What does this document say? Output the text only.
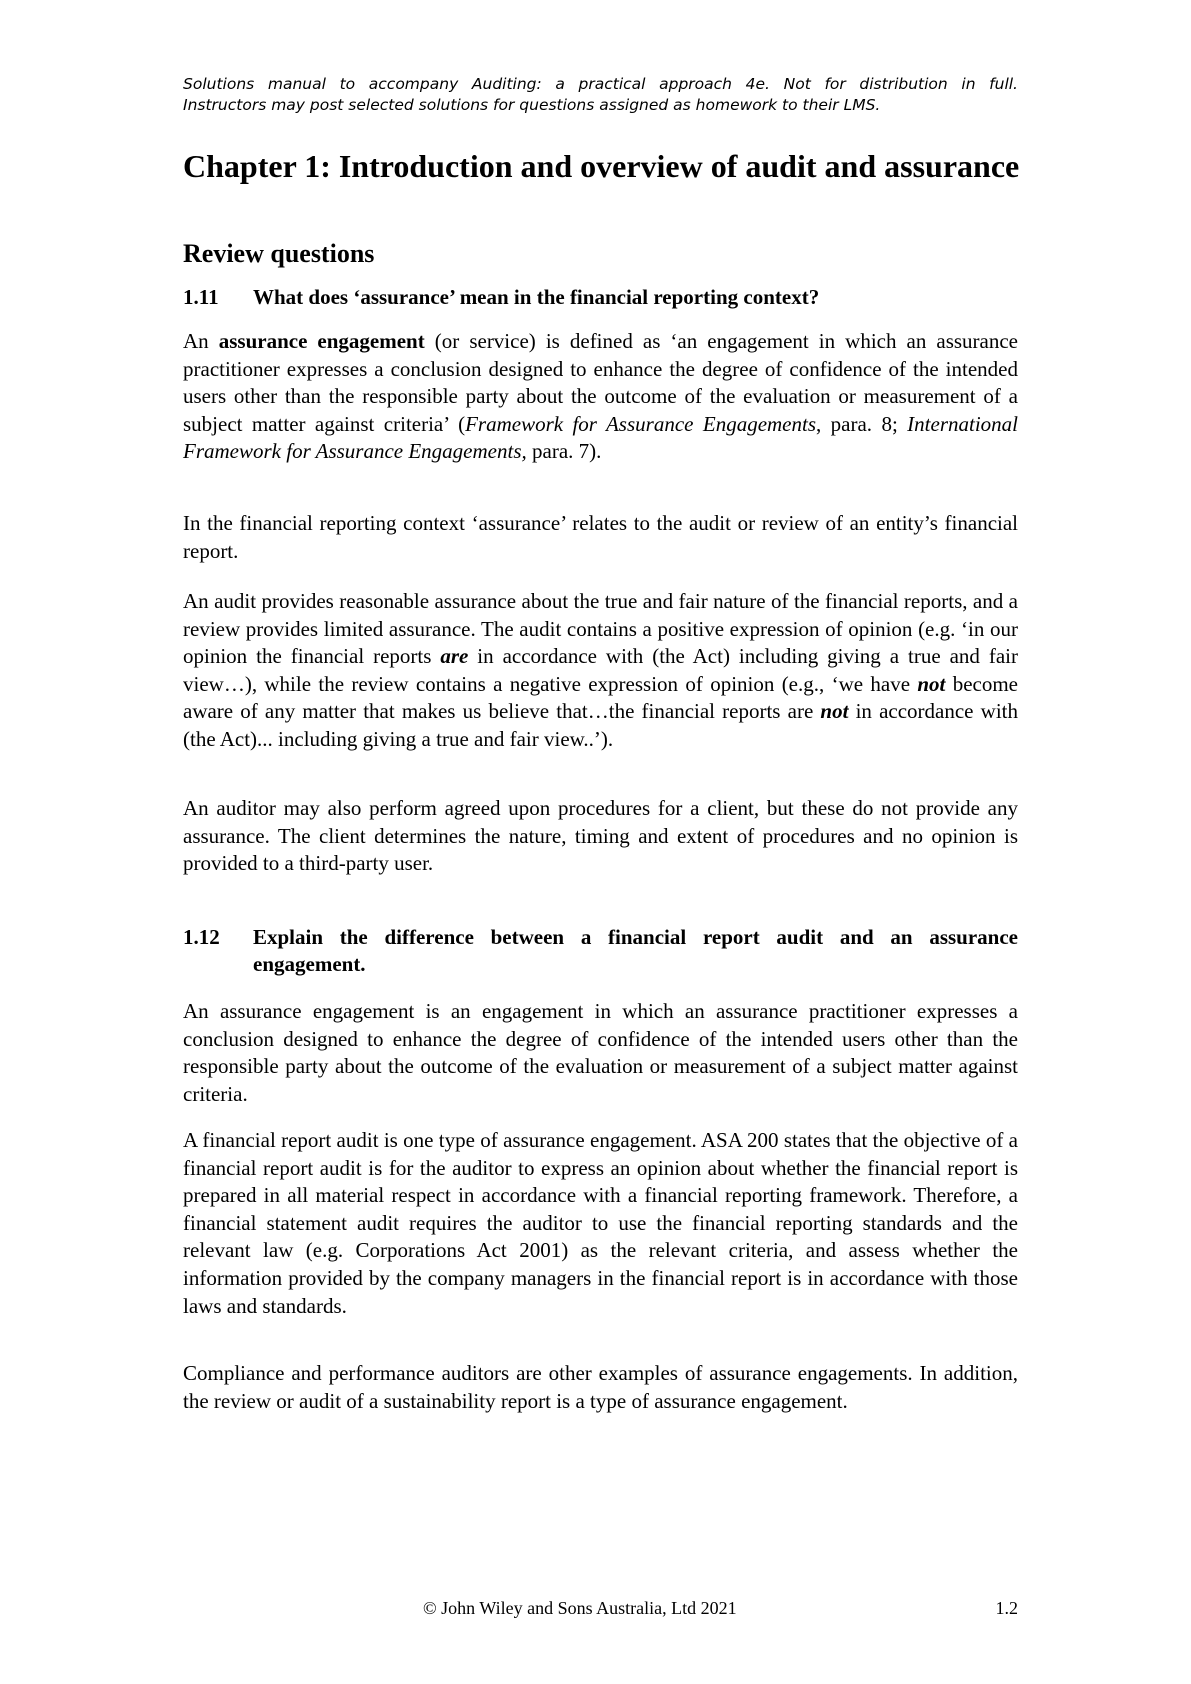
Solutions manual to accompany Auditing: a practical approach 4e. Not for distribution in full.
Instructors may post selected solutions for questions assigned as homework to their LMS.
Chapter 1: Introduction and overview of audit and assurance
Review questions
1.11	What does ‘assurance’ mean in the financial reporting context?

An assurance engagement (or service) is defined as ‘an engagement in which an assurance practitioner expresses a conclusion designed to enhance the degree of confidence of the intended users other than the responsible party about the outcome of the evaluation or measurement of a subject matter against criteria’ (Framework for Assurance Engagements, para. 8; International Framework for Assurance Engagements, para. 7).

In the financial reporting context ‘assurance’ relates to the audit or review of an entity’s financial report.

An audit provides reasonable assurance about the true and fair nature of the financial reports, and a review provides limited assurance. The audit contains a positive expression of opinion (e.g. ‘in our opinion the financial reports are in accordance with (the Act) including giving a true and fair view…), while the review contains a negative expression of opinion (e.g., ‘we have not become aware of any matter that makes us believe that…the financial reports are not in accordance with (the Act)... including giving a true and fair view..’).

An auditor may also perform agreed upon procedures for a client, but these do not provide any assurance. The client determines the nature, timing and extent of procedures and no opinion is provided to a third-party user.

1.12	Explain the difference between a financial report audit and an assurance engagement.

An assurance engagement is an engagement in which an assurance practitioner expresses a conclusion designed to enhance the degree of confidence of the intended users other than the responsible party about the outcome of the evaluation or measurement of a subject matter against criteria.

A financial report audit is one type of assurance engagement. ASA 200 states that the objective of a financial report audit is for the auditor to express an opinion about whether the financial report is prepared in all material respect in accordance with a financial reporting framework. Therefore, a financial statement audit requires the auditor to use the financial reporting standards and the relevant law (e.g. Corporations Act 2001) as the relevant criteria, and assess whether the information provided by the company managers in the financial report is in accordance with those laws and standards.

Compliance and performance auditors are other examples of assurance engagements. In addition, the review or audit of a sustainability report is a type of assurance engagement.

© John Wiley and Sons Australia, Ltd 2021	1.2
